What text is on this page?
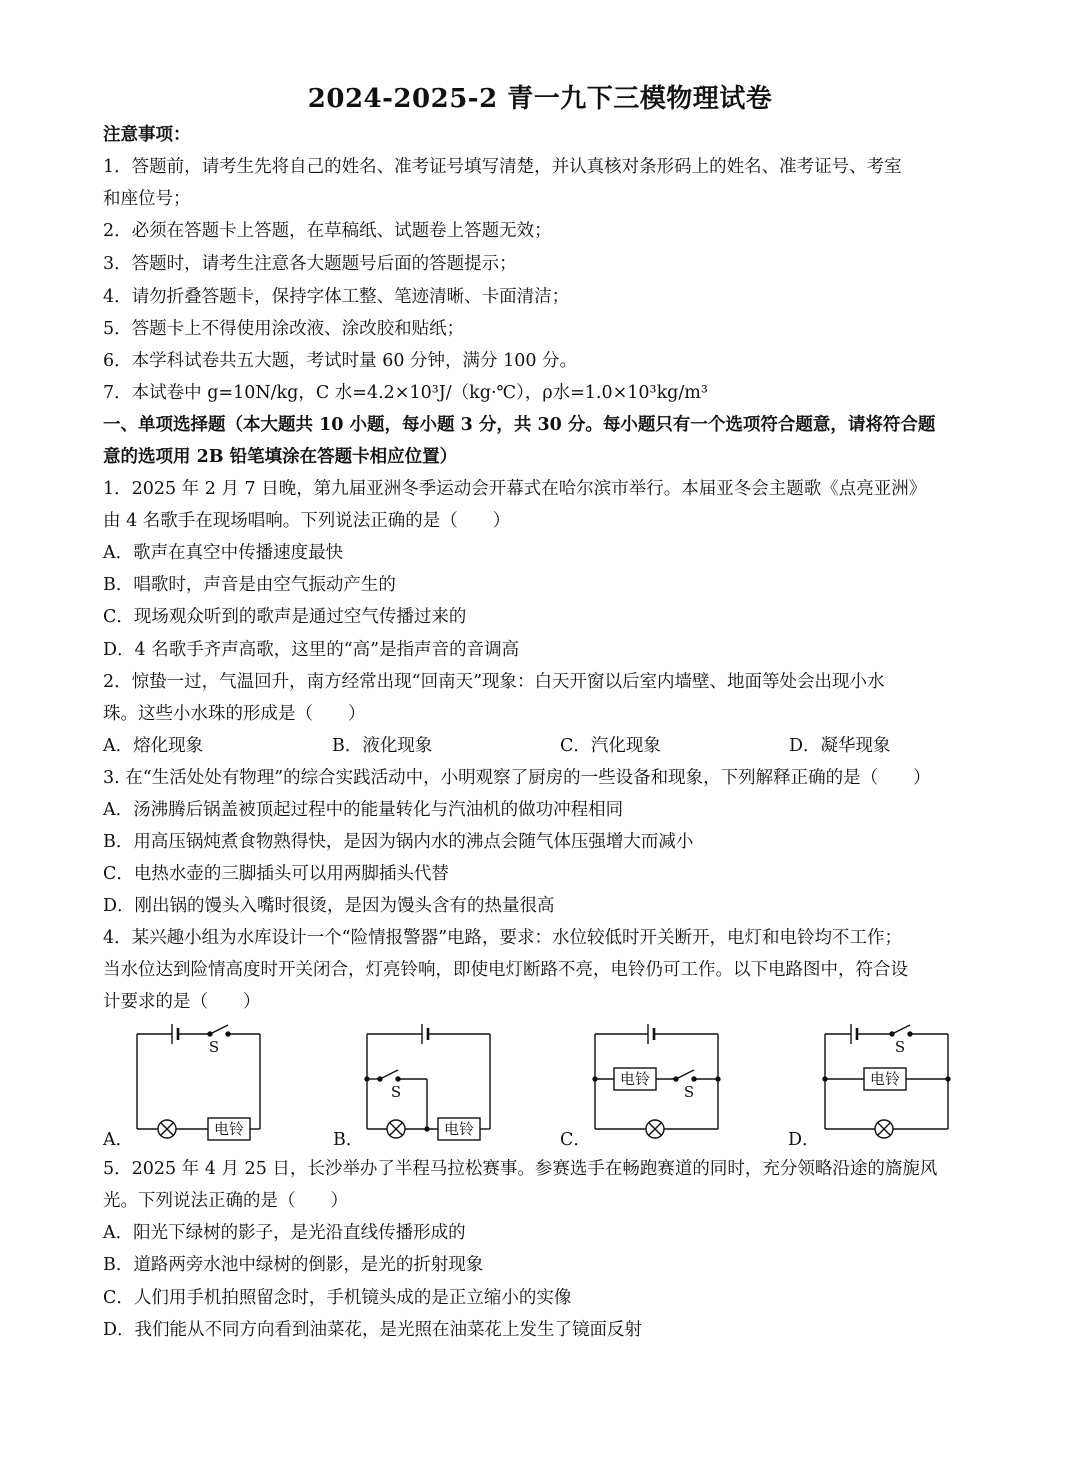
2024-2025-2 青一九下三模物理试卷
注意事项：
1．答题前，请考生先将自己的姓名、准考证号填写清楚，并认真核对条形码上的姓名、准考证号、考室
和座位号；
2．必须在答题卡上答题，在草稿纸、试题卷上答题无效；
3．答题时，请考生注意各大题题号后面的答题提示；
4．请勿折叠答题卡，保持字体工整、笔迹清晰、卡面清洁；
5．答题卡上不得使用涂改液、涂改胶和贴纸；
6．本学科试卷共五大题，考试时量 60 分钟，满分 100 分。
7．本试卷中 g=10N/kg，C 水=4.2×10³J/（kg·℃），ρ水=1.0×10³kg/m³
一、单项选择题（本大题共 10 小题，每小题 3 分，共 30 分。每小题只有一个选项符合题意，请将符合题
意的选项用 2B 铅笔填涂在答题卡相应位置）
1．2025 年 2 月 7 日晚，第九届亚洲冬季运动会开幕式在哈尔滨市举行。本届亚冬会主题歌《点亮亚洲》
由 4 名歌手在现场唱响。下列说法正确的是（　　）
A．歌声在真空中传播速度最快
B．唱歌时，声音是由空气振动产生的
C．现场观众听到的歌声是通过空气传播过来的
D．4 名歌手齐声高歌，这里的“高”是指声音的音调高
2．惊蛰一过，气温回升，南方经常出现“回南天”现象：白天开窗以后室内墙壁、地面等处会出现小水
珠。这些小水珠的形成是（　　）
A．熔化现象	B．液化现象	C．汽化现象	D．凝华现象
3. 在“生活处处有物理”的综合实践活动中，小明观察了厨房的一些设备和现象，下列解释正确的是（　　）
A．汤沸腾后锅盖被顶起过程中的能量转化与汽油机的做功冲程相同
B．用高压锅炖煮食物熟得快，是因为锅内水的沸点会随气体压强增大而减小
C．电热水壶的三脚插头可以用两脚插头代替
D．刚出锅的馒头入嘴时很烫，是因为馒头含有的热量很高
4．某兴趣小组为水库设计一个“险情报警器”电路，要求：水位较低时开关断开，电灯和电铃均不工作；
当水位达到险情高度时开关闭合，灯亮铃响，即使电灯断路不亮，电铃仍可工作。以下电路图中，符合设
计要求的是（　　）
A．
电铃
S
B．
电铃
S
C．
电铃
S
D．
电铃
S
5．2025 年 4 月 25 日，长沙举办了半程马拉松赛事。参赛选手在畅跑赛道的同时，充分领略沿途的旖旎风
光。下列说法正确的是（　　）
A．阳光下绿树的影子，是光沿直线传播形成的
B．道路两旁水池中绿树的倒影，是光的折射现象
C．人们用手机拍照留念时，手机镜头成的是正立缩小的实像
D．我们能从不同方向看到油菜花，是光照在油菜花上发生了镜面反射
